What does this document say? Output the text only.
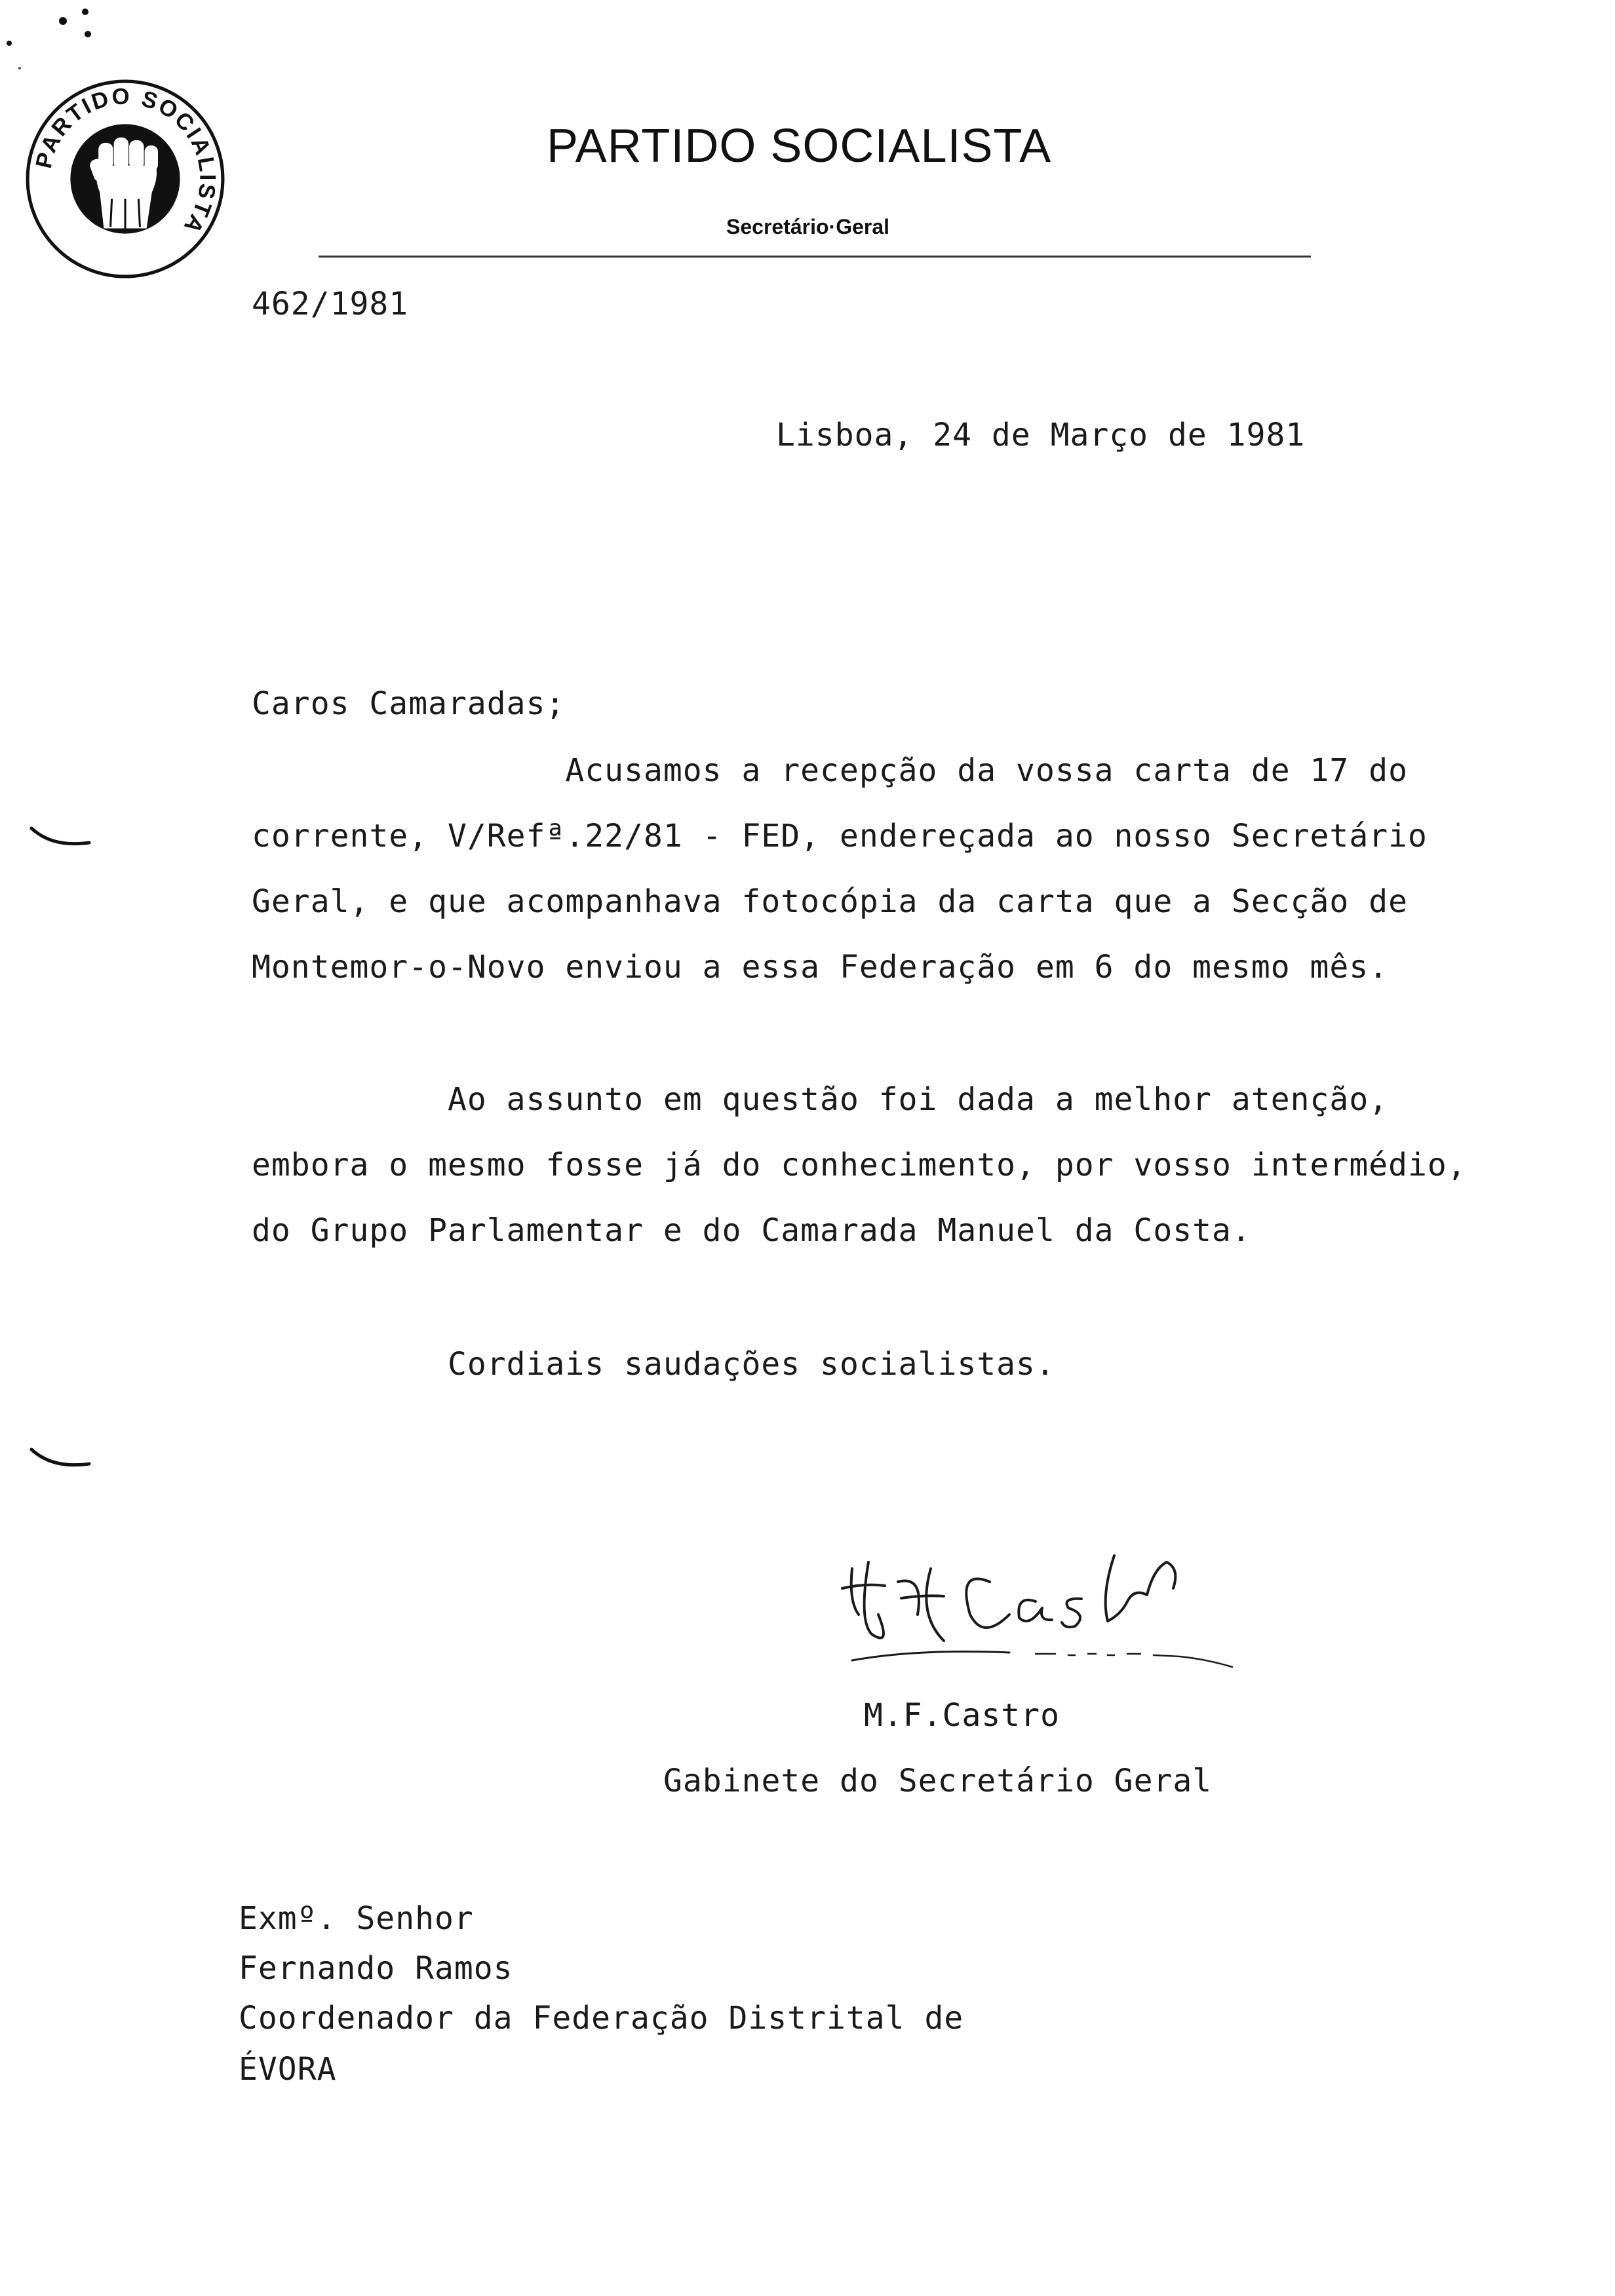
PARTIDO SOCIALISTA
PARTIDO SOCIALISTA
Secretário·Geral
462/1981
Lisboa, 24 de Março de 1981
Caros Camaradas;
Acusamos a recepção da vossa carta de 17 do
corrente, V/Refª.22/81 - FED, endereçada ao nosso Secretário
Geral, e que acompanhava fotocópia da carta que a Secção de
Montemor-o-Novo enviou a essa Federação em 6 do mesmo mês.
Ao assunto em questão foi dada a melhor atenção,
embora o mesmo fosse já do conhecimento, por vosso intermédio,
do Grupo Parlamentar e do Camarada Manuel da Costa.
Cordiais saudações socialistas.
M.F.Castro
Gabinete do Secretário Geral
Exmº. Senhor
Fernando Ramos
Coordenador da Federação Distrital de
ÉVORA
